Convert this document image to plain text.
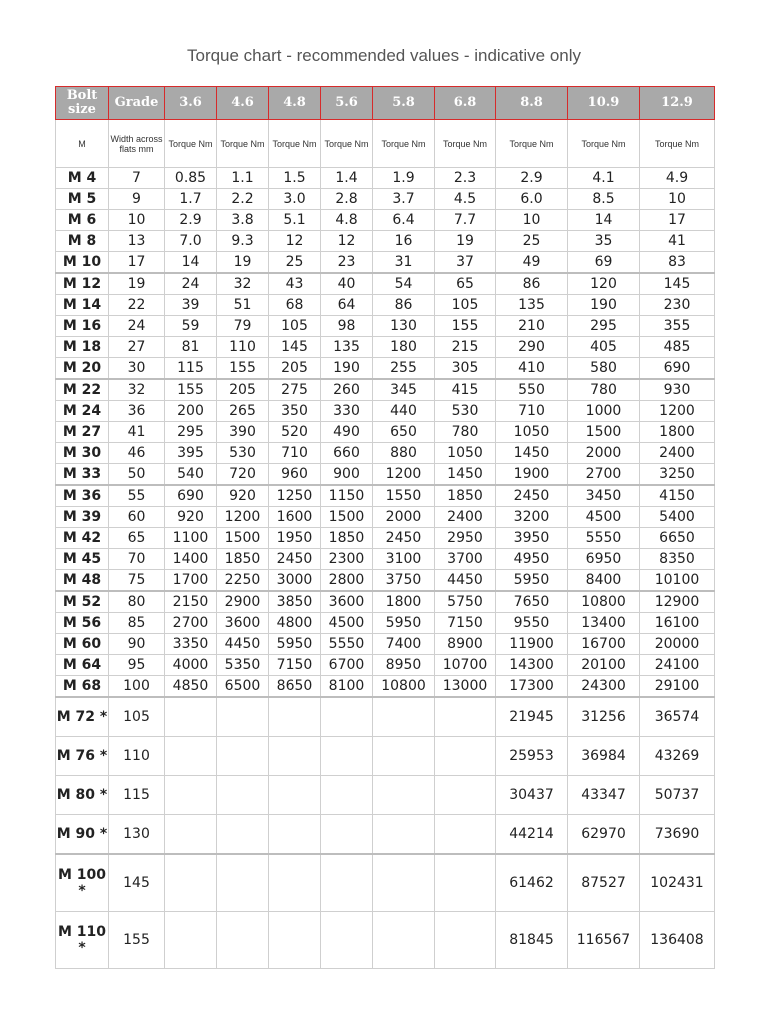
Torque chart - recommended values - indicative only
Bolt size	Grade	3.6	4.6	4.8	5.6	5.8	6.8	8.8	10.9	12.9
M	Width across flats mm	Torque Nm	Torque Nm	Torque Nm	Torque Nm	Torque Nm	Torque Nm	Torque Nm	Torque Nm	Torque Nm
M 4	7	0.85	1.1	1.5	1.4	1.9	2.3	2.9	4.1	4.9
M 5	9	1.7	2.2	3.0	2.8	3.7	4.5	6.0	8.5	10
M 6	10	2.9	3.8	5.1	4.8	6.4	7.7	10	14	17
M 8	13	7.0	9.3	12	12	16	19	25	35	41
M 10	17	14	19	25	23	31	37	49	69	83
M 12	19	24	32	43	40	54	65	86	120	145
M 14	22	39	51	68	64	86	105	135	190	230
M 16	24	59	79	105	98	130	155	210	295	355
M 18	27	81	110	145	135	180	215	290	405	485
M 20	30	115	155	205	190	255	305	410	580	690
M 22	32	155	205	275	260	345	415	550	780	930
M 24	36	200	265	350	330	440	530	710	1000	1200
M 27	41	295	390	520	490	650	780	1050	1500	1800
M 30	46	395	530	710	660	880	1050	1450	2000	2400
M 33	50	540	720	960	900	1200	1450	1900	2700	3250
M 36	55	690	920	1250	1150	1550	1850	2450	3450	4150
M 39	60	920	1200	1600	1500	2000	2400	3200	4500	5400
M 42	65	1100	1500	1950	1850	2450	2950	3950	5550	6650
M 45	70	1400	1850	2450	2300	3100	3700	4950	6950	8350
M 48	75	1700	2250	3000	2800	3750	4450	5950	8400	10100
M 52	80	2150	2900	3850	3600	1800	5750	7650	10800	12900
M 56	85	2700	3600	4800	4500	5950	7150	9550	13400	16100
M 60	90	3350	4450	5950	5550	7400	8900	11900	16700	20000
M 64	95	4000	5350	7150	6700	8950	10700	14300	20100	24100
M 68	100	4850	6500	8650	8100	10800	13000	17300	24300	29100
M 72 *	105							21945	31256	36574
M 76 *	110							25953	36984	43269
M 80 *	115							30437	43347	50737
M 90 *	130							44214	62970	73690
M 100 *	145							61462	87527	102431
M 110 *	155							81845	116567	136408
